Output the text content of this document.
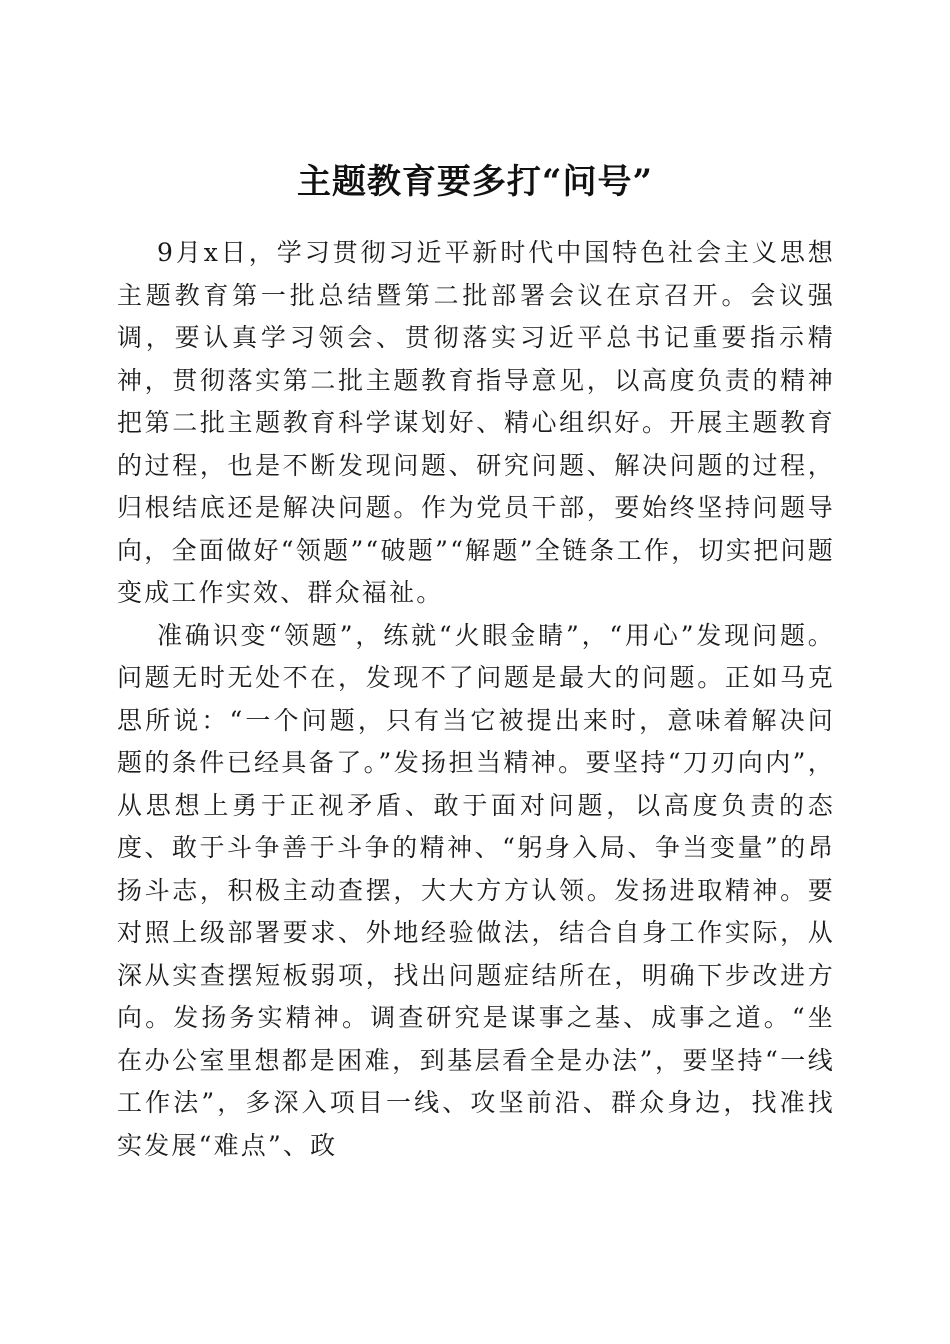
主题教育要多打“问号”

9月x日，学习贯彻习近平新时代中国特色社会主义思想主题教育第一批总结暨第二批部署会议在京召开。会议强调，要认真学习领会、贯彻落实习近平总书记重要指示精神，贯彻落实第二批主题教育指导意见，以高度负责的精神把第二批主题教育科学谋划好、精心组织好。开展主题教育的过程，也是不断发现问题、研究问题、解决问题的过程，归根结底还是解决问题。作为党员干部，要始终坚持问题导向，全面做好“领题”“破题”“解题”全链条工作，切实把问题变成工作实效、群众福祉。

准确识变“领题”，练就“火眼金睛”，“用心”发现问题。问题无时无处不在，发现不了问题是最大的问题。正如马克思所说：“一个问题，只有当它被提出来时，意味着解决问题的条件已经具备了。”发扬担当精神。要坚持“刀刃向内”，从思想上勇于正视矛盾、敢于面对问题，以高度负责的态度、敢于斗争善于斗争的精神、“躬身入局、争当变量”的昂扬斗志，积极主动查摆，大大方方认领。发扬进取精神。要对照上级部署要求、外地经验做法，结合自身工作实际，从深从实查摆短板弱项，找出问题症结所在，明确下步改进方向。发扬务实精神。调查研究是谋事之基、成事之道。“坐在办公室里想都是困难，到基层看全是办法”，要坚持“一线工作法”，多深入项目一线、攻坚前沿、群众身边，找准找实发展“难点”、政
